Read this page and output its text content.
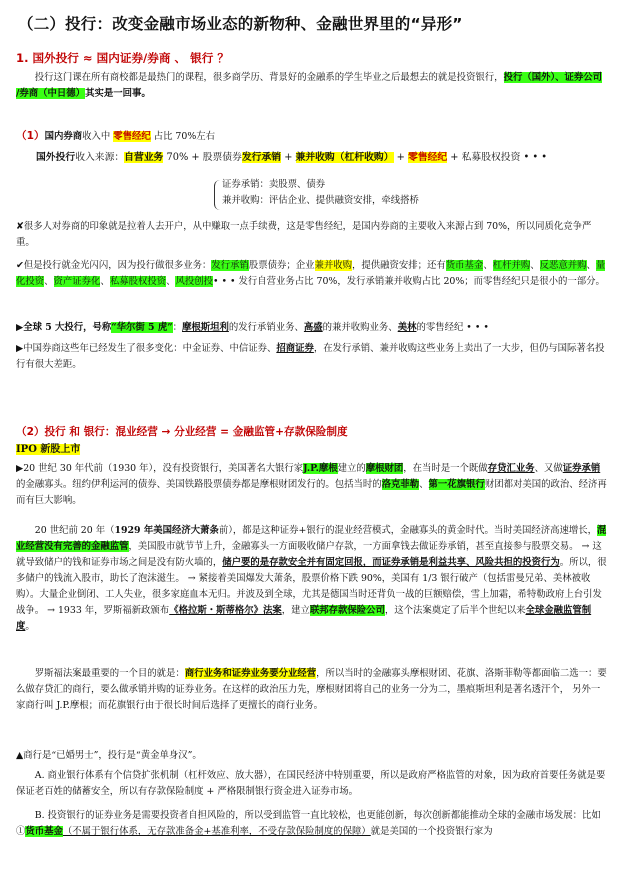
（二）投行：改变金融市场业态的新物种、金融世界里的“异形”
1. 国外投行 ≈ 国内证券/券商 、 银行 ？

投行这门课在所有商校都是最热门的课程，很多商学历、背景好的金融系的学生毕业之后最想去的就是投资银行，投行（国外）、证券公司 /券商（中日德）其实是一回事。

（1）国内券商收入中 零售经纪 占比 70%左右
国外投行收入来源：自营业务 70% + 股票债券发行承销 + 兼并收购（杠杆收购） + 零售经纪 + 私募股权投资 • • •
证券承销：卖股票、债券
兼并收购：评估企业、提供融资安排，牵线搭桥

✘很多人对券商的印象就是拉着人去开户，从中赚取一点手续费，这是零售经纪，是国内券商的主要收入来源占到 70%，所以同质化竞争严重。

✔但是投行就金光闪闪，因为投行做很多业务：发行承销股票债券；企业兼并收购，提供融资安排；还有货币基金、杠杆并购、反恶意并购、量化投资、资产证券化、私募股权投资、风投创投• • • 发行自营业务占比 70%，发行承销兼并收购占比 20%；而零售经纪只是很小的一部分。

▶全球 5 大投行，号称“华尔街 5 虎”：摩根斯坦利的发行承销业务、高盛的兼并收购业务、美林的零售经纪 • • •

▶中国券商这些年已经发生了很多变化：中金证券、中信证券、招商证券，在发行承销、兼并收购这些业务上卖出了一大步，但仍与国际著名投行有很大差距。

（2）投行 和 银行：混业经营 → 分业经营 = 金融监管+存款保险制度
IPO 新股上市

▶20 世纪 30 年代前（1930 年），没有投资银行，美国著名大银行家J.P.摩根建立的摩根财团，在当时是一个既做存贷汇业务、又做证券承销的金融寡头。纽约伊利运河的债券、美国铁路股票债券都是摩根财团发行的。包括当时的洛克菲勒、第一花旗银行财团都对美国的政治、经济再而有巨大影响。

20 世纪前 20 年（1929 年美国经济大萧条前），都是这种证券+银行的混业经营模式，金融寡头的黄金时代。当时美国经济高速增长，混业经营没有完善的金融监管，美国股市就节节上升，金融寡头一方面吸收储户存款，一方面拿钱去做证券承销，甚至直接参与股票交易。 → 这就导致储户的钱和证券市场之间是没有防火墙的，储户要的是存款安全并有固定回报，而证券承销是利益共享、风险共担的投资行为。所以，很多储户的钱流入股市，助长了泡沫滋生。 → 紧接着美国爆发大萧条，股票价格下跌 90%，美国有 1/3 银行破产（包括雷曼兄弟、美林被收购）。大量企业倒闭、工人失业，很多家庭血本无归。并波及到全球，尤其是德国当时还背负一战的巨额赔偿，雪上加霜，希特勒政府上台引发战争。 → 1933 年，罗斯福新政颁布《格拉斯・斯蒂格尔》法案，建立联邦存款保险公司，这个法案奠定了后半个世纪以来全球金融监管制度。

罗斯福法案最重要的一个目的就是：商行业务和证券业务要分业经营，所以当时的金融寡头摩根财团、花旗、洛斯菲勒等都面临二选一：要么做存贷汇的商行，要么做承销并购的证券业务。在这样的政治压力先，摩根财团将自己的业务一分为二，墨痕斯坦利是著名透汗个， 另外一家商行叫 J.P.摩根；而花旗银行由于很长时间后选择了更擅长的商行业务。

▲商行是“已婚男士”，投行是“黄金单身汉”。

A. 商业银行体系有个信贷扩张机制（杠杆效应、放大器），在国民经济中特别重要，所以是政府严格监管的对象，因为政府首要任务就是要保证老百姓的储蓄安全，所以有存款保险制度 + 严格限制银行资金进入证券市场。

B. 投资银行的证券业务是需要投资者自担风险的，所以受到监管一直比较松，也更能创新，每次创新都能推动全球的金融市场发展：比如①货币基金（不属于银行体系，无存款准备金+基准利率，不受存款保险制度的保障）就是美国的一个投资银行家为
